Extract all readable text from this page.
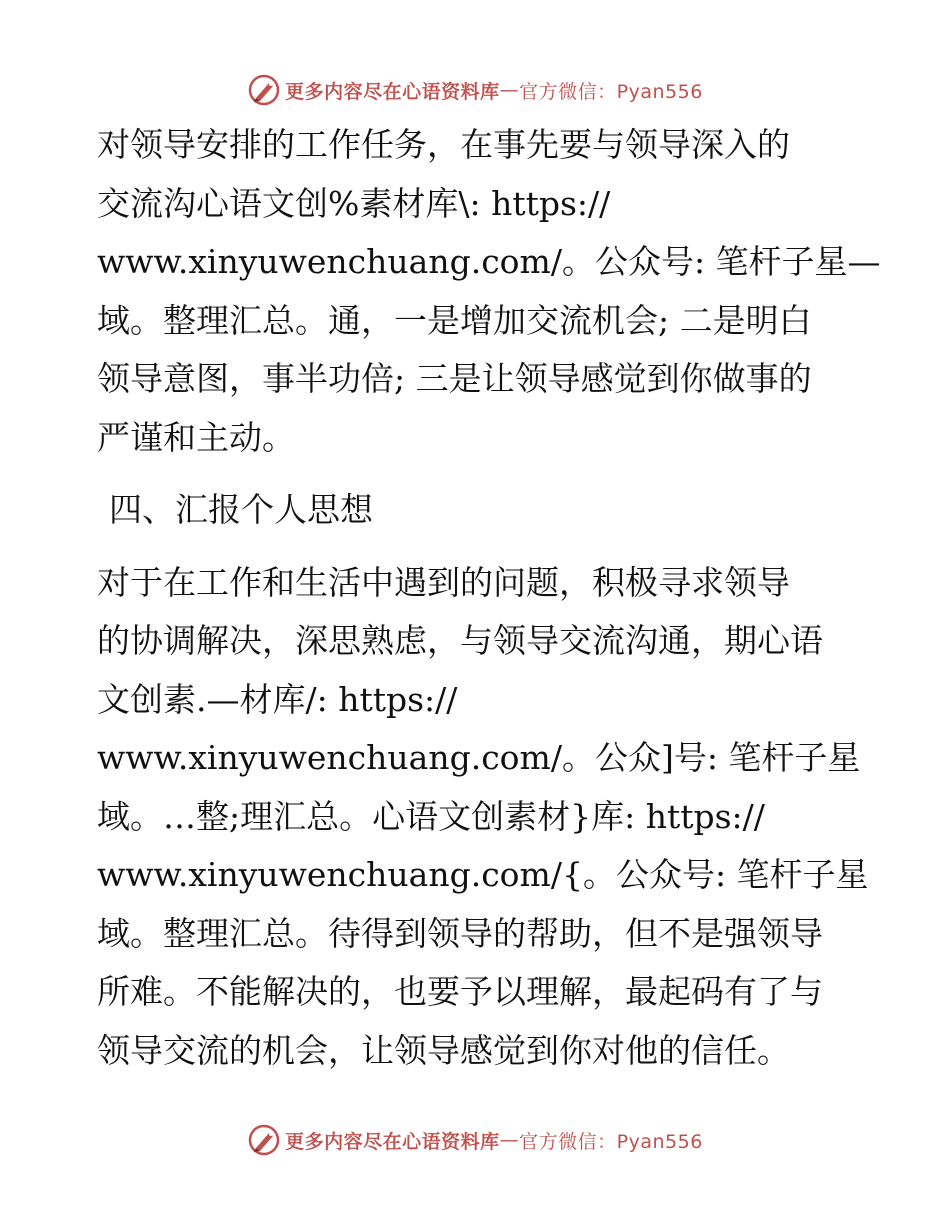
更多内容尽在心语资料库 — 官方微信：Pyan556
对领导安排的工作任务，在事先要与领导深入的
交流沟心语文创%素材库\: https://
www.xinyuwenchuang.com/。公众号: 笔杆子星—
域。整理汇总。通，一是增加交流机会; 二是明白
领导意图，事半功倍; 三是让领导感觉到你做事的
严谨和主动。
四、汇报个人思想
对于在工作和生活中遇到的问题，积极寻求领导
的协调解决，深思熟虑，与领导交流沟通，期心语
文创素.—材库/: https://
www.xinyuwenchuang.com/。公众]号: 笔杆子星
域。…整;理汇总。心语文创素材}库: https://
www.xinyuwenchuang.com/{。公众号: 笔杆子星
域。整理汇总。待得到领导的帮助，但不是强领导
所难。不能解决的，也要予以理解，最起码有了与
领导交流的机会，让领导感觉到你对他的信任。
更多内容尽在心语资料库 — 官方微信：Pyan556
